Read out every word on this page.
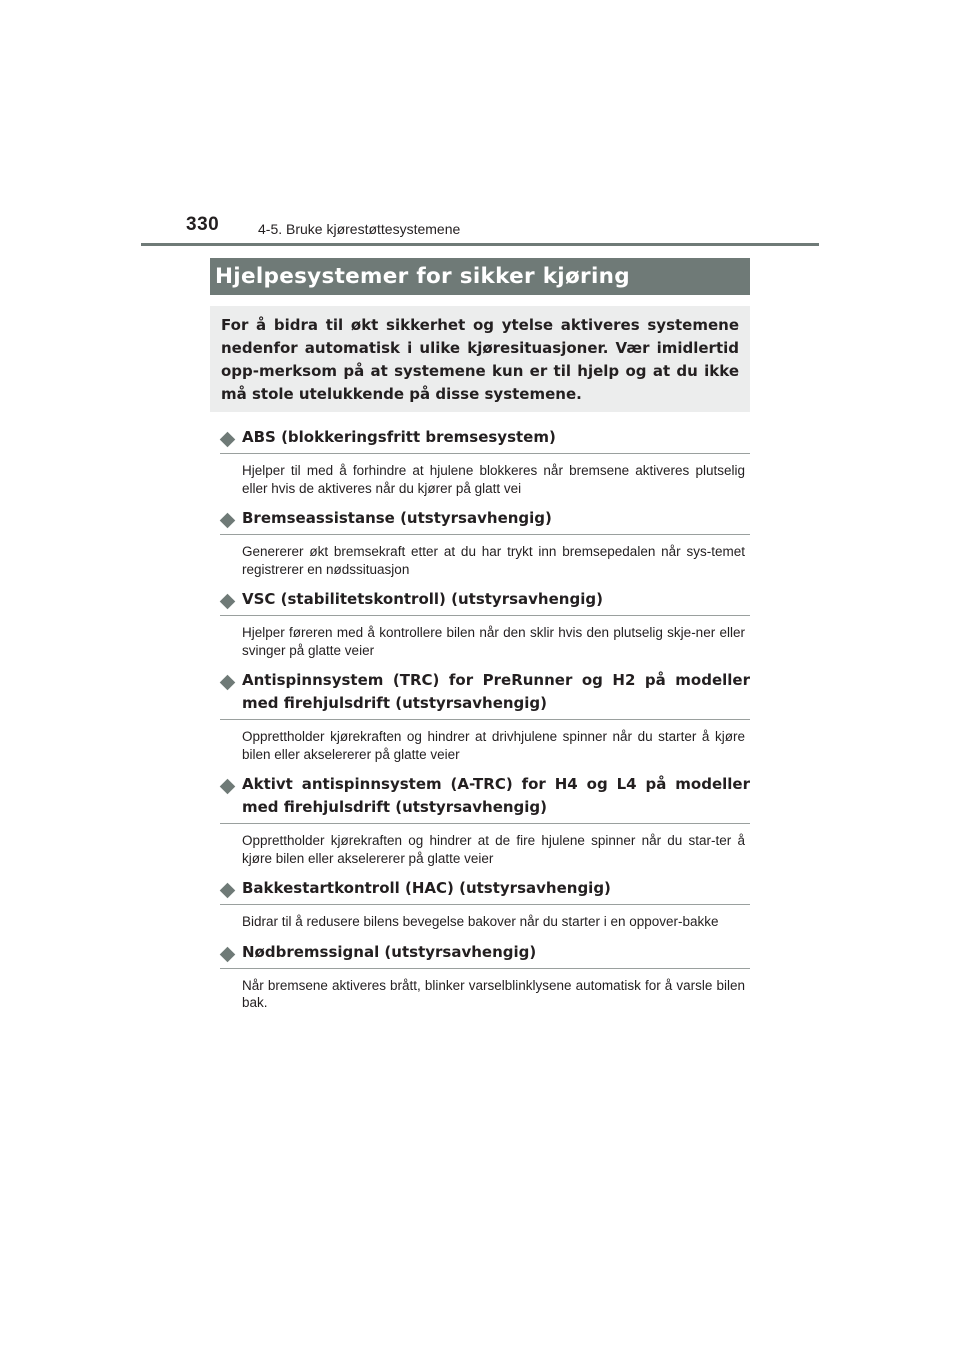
330	4-5. Bruke kjørestøttesystemene
Hjelpesystemer for sikker kjøring

For å bidra til økt sikkerhet og ytelse aktiveres systemene nedenfor automatisk i ulike kjøresituasjoner. Vær imidlertid opp-merksom på at systemene kun er til hjelp og at du ikke må stole utelukkende på disse systemene.

ABS (blokkeringsfritt bremsesystem)
Hjelper til med å forhindre at hjulene blokkeres når bremsene aktiveres plutselig eller hvis de aktiveres når du kjører på glatt vei
Bremseassistanse (utstyrsavhengig)
Genererer økt bremsekraft etter at du har trykt inn bremsepedalen når sys-temet registrerer en nødssituasjon
VSC (stabilitetskontroll) (utstyrsavhengig)
Hjelper føreren med å kontrollere bilen når den sklir hvis den plutselig skje-ner eller svinger på glatte veier
Antispinnsystem (TRC) for PreRunner og H2 på modeller med firehjulsdrift (utstyrsavhengig)
Opprettholder kjørekraften og hindrer at drivhjulene spinner når du starter å kjøre bilen eller akselererer på glatte veier
Aktivt antispinnsystem (A-TRC) for H4 og L4 på modeller med firehjulsdrift (utstyrsavhengig)
Opprettholder kjørekraften og hindrer at de fire hjulene spinner når du star-ter å kjøre bilen eller akselererer på glatte veier
Bakkestartkontroll (HAC) (utstyrsavhengig)
Bidrar til å redusere bilens bevegelse bakover når du starter i en oppover-bakke
Nødbremssignal (utstyrsavhengig)
Når bremsene aktiveres brått, blinker varselblinklysene automatisk for å varsle bilen bak.
